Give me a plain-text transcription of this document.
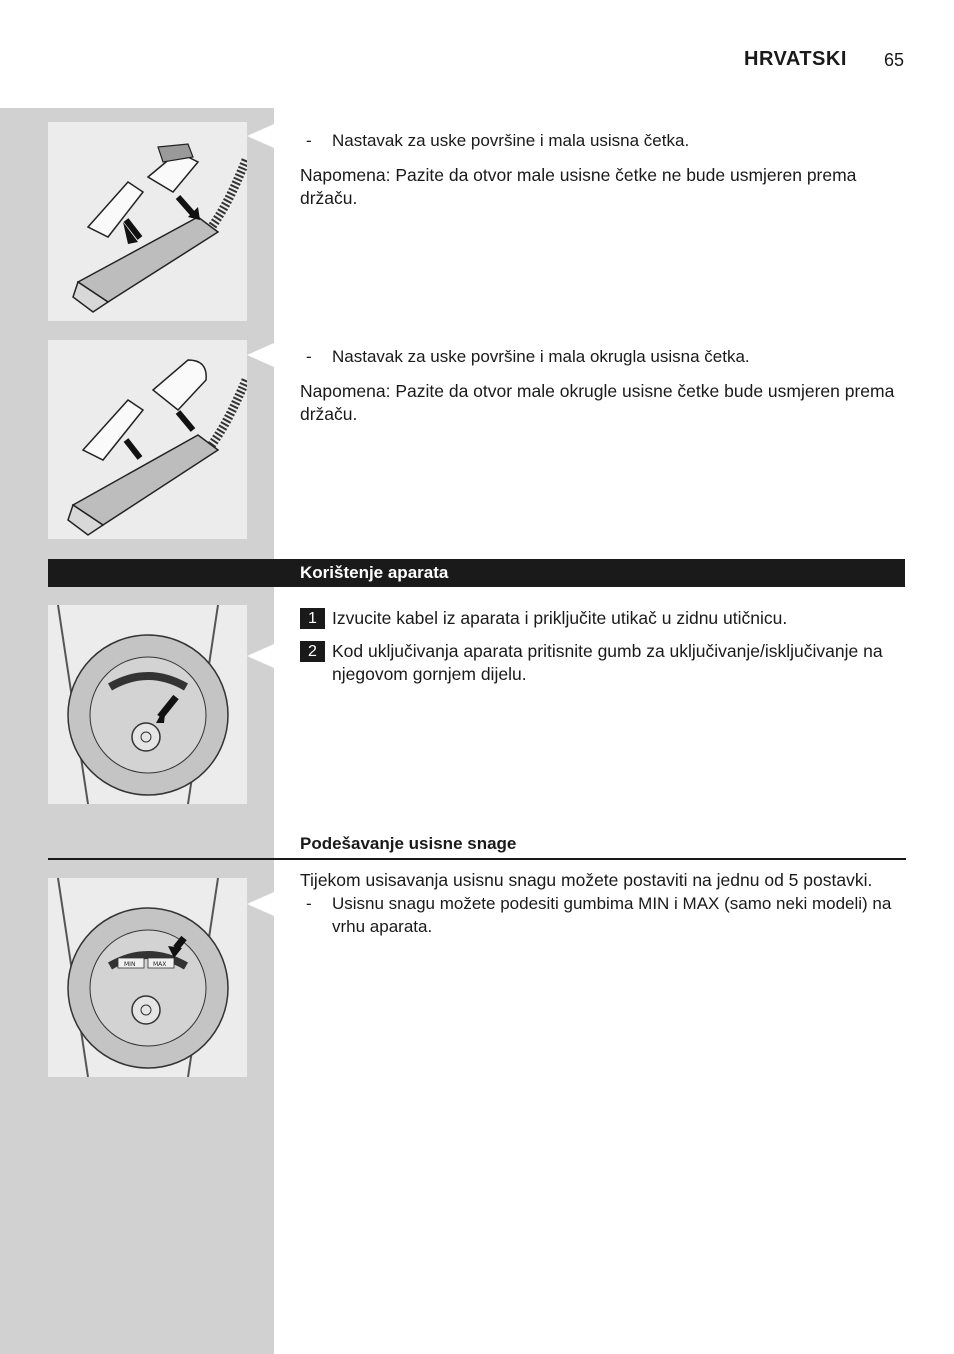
HRVATSKI 65
- Nastavak za uske površine i mala usisna četka.
Napomena: Pazite da otvor male usisne četke ne bude usmjeren prema držaču.
- Nastavak za uske površine i mala okrugla usisna četka.
Napomena: Pazite da otvor male okrugle usisne četke bude usmjeren prema držaču.
Korištenje aparata
1 Izvucite kabel iz aparata i priključite utikač u zidnu utičnicu.
2 Kod uključivanja aparata pritisnite gumb za uključivanje/isključivanje na njegovom gornjem dijelu.
Podešavanje usisne snage
MIN	MAX
Tijekom usisavanja usisnu snagu možete postaviti na jednu od 5 postavki.
- Usisnu snagu možete podesiti gumbima MIN i MAX (samo neki modeli) na vrhu aparata.
